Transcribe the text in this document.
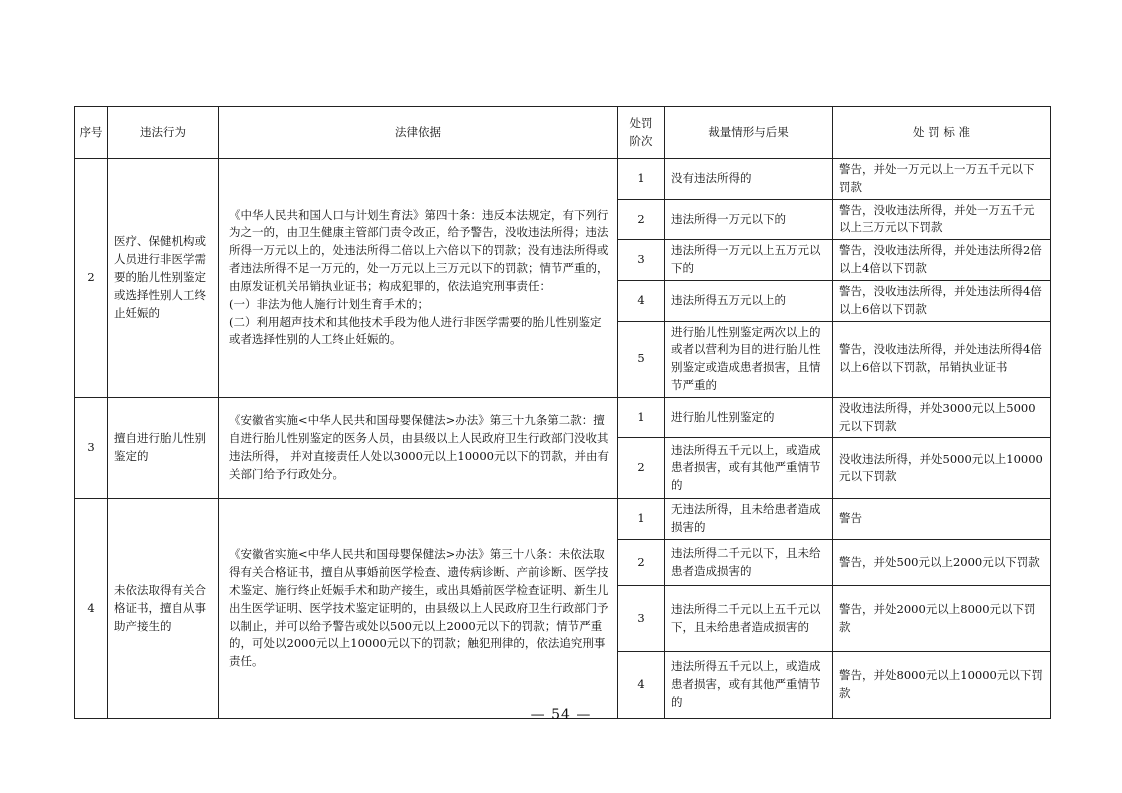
序号	违法行为	法律依据	处罚阶次	裁量情形与后果	处 罚 标 准
2	医疗、保健机构或人员进行非医学需要的胎儿性别鉴定或选择性别人工终止妊娠的	《中华人民共和国人口与计划生育法》第四十条：违反本法规定，有下列行为之一的，由卫生健康主管部门责令改正，给予警告，没收违法所得；违法所得一万元以上的，处违法所得二倍以上六倍以下的罚款；没有违法所得或者违法所得不足一万元的，处一万元以上三万元以下的罚款；情节严重的，由原发证机关吊销执业证书；构成犯罪的，依法追究刑事责任：
(一）非法为他人施行计划生育手术的；
(二）利用超声技术和其他技术手段为他人进行非医学需要的胎儿性别鉴定或者选择性别的人工终止妊娠的。	1	没有违法所得的	警告，并处一万元以上一万五千元以下罚款
			2	违法所得一万元以下的	警告，没收违法所得，并处一万五千元以上三万元以下罚款
			3	违法所得一万元以上五万元以下的	警告，没收违法所得，并处违法所得2倍以上4倍以下罚款
			4	违法所得五万元以上的	警告，没收违法所得，并处违法所得4倍以上6倍以下罚款
			5	进行胎儿性别鉴定两次以上的或者以营利为目的进行胎儿性别鉴定或造成患者损害，且情节严重的	警告，没收违法所得，并处违法所得4倍以上6倍以下罚款，吊销执业证书
3	擅自进行胎儿性别鉴定的	《安徽省实施<中华人民共和国母婴保健法>办法》第三十九条第二款：擅自进行胎儿性别鉴定的医务人员，由县级以上人民政府卫生行政部门没收其违法所得， 并对直接责任人处以3000元以上10000元以下的罚款，并由有关部门给予行政处分。	1	进行胎儿性别鉴定的	没收违法所得，并处3000元以上5000元以下罚款
			2	违法所得五千元以上，或造成患者损害，或有其他严重情节的	没收违法所得，并处5000元以上10000元以下罚款
4	未依法取得有关合格证书，擅自从事助产接生的	《安徽省实施<中华人民共和国母婴保健法>办法》第三十八条：未依法取得有关合格证书，擅自从事婚前医学检查、遗传病诊断、产前诊断、医学技术鉴定、施行终止妊娠手术和助产接生，或出具婚前医学检查证明、新生儿出生医学证明、医学技术鉴定证明的，由县级以上人民政府卫生行政部门予以制止，并可以给予警告或处以500元以上2000元以下的罚款；情节严重的，可处以2000元以上10000元以下的罚款；触犯刑律的，依法追究刑事责任。	1	无违法所得，且未给患者造成损害的	警告
			2	违法所得二千元以下，且未给患者造成损害的	警告，并处500元以上2000元以下罚款
			3	违法所得二千元以上五千元以下，且未给患者造成损害的	警告，并处2000元以上8000元以下罚款
			4	违法所得五千元以上，或造成患者损害，或有其他严重情节的	警告，并处8000元以上10000元以下罚款
— 54 —
